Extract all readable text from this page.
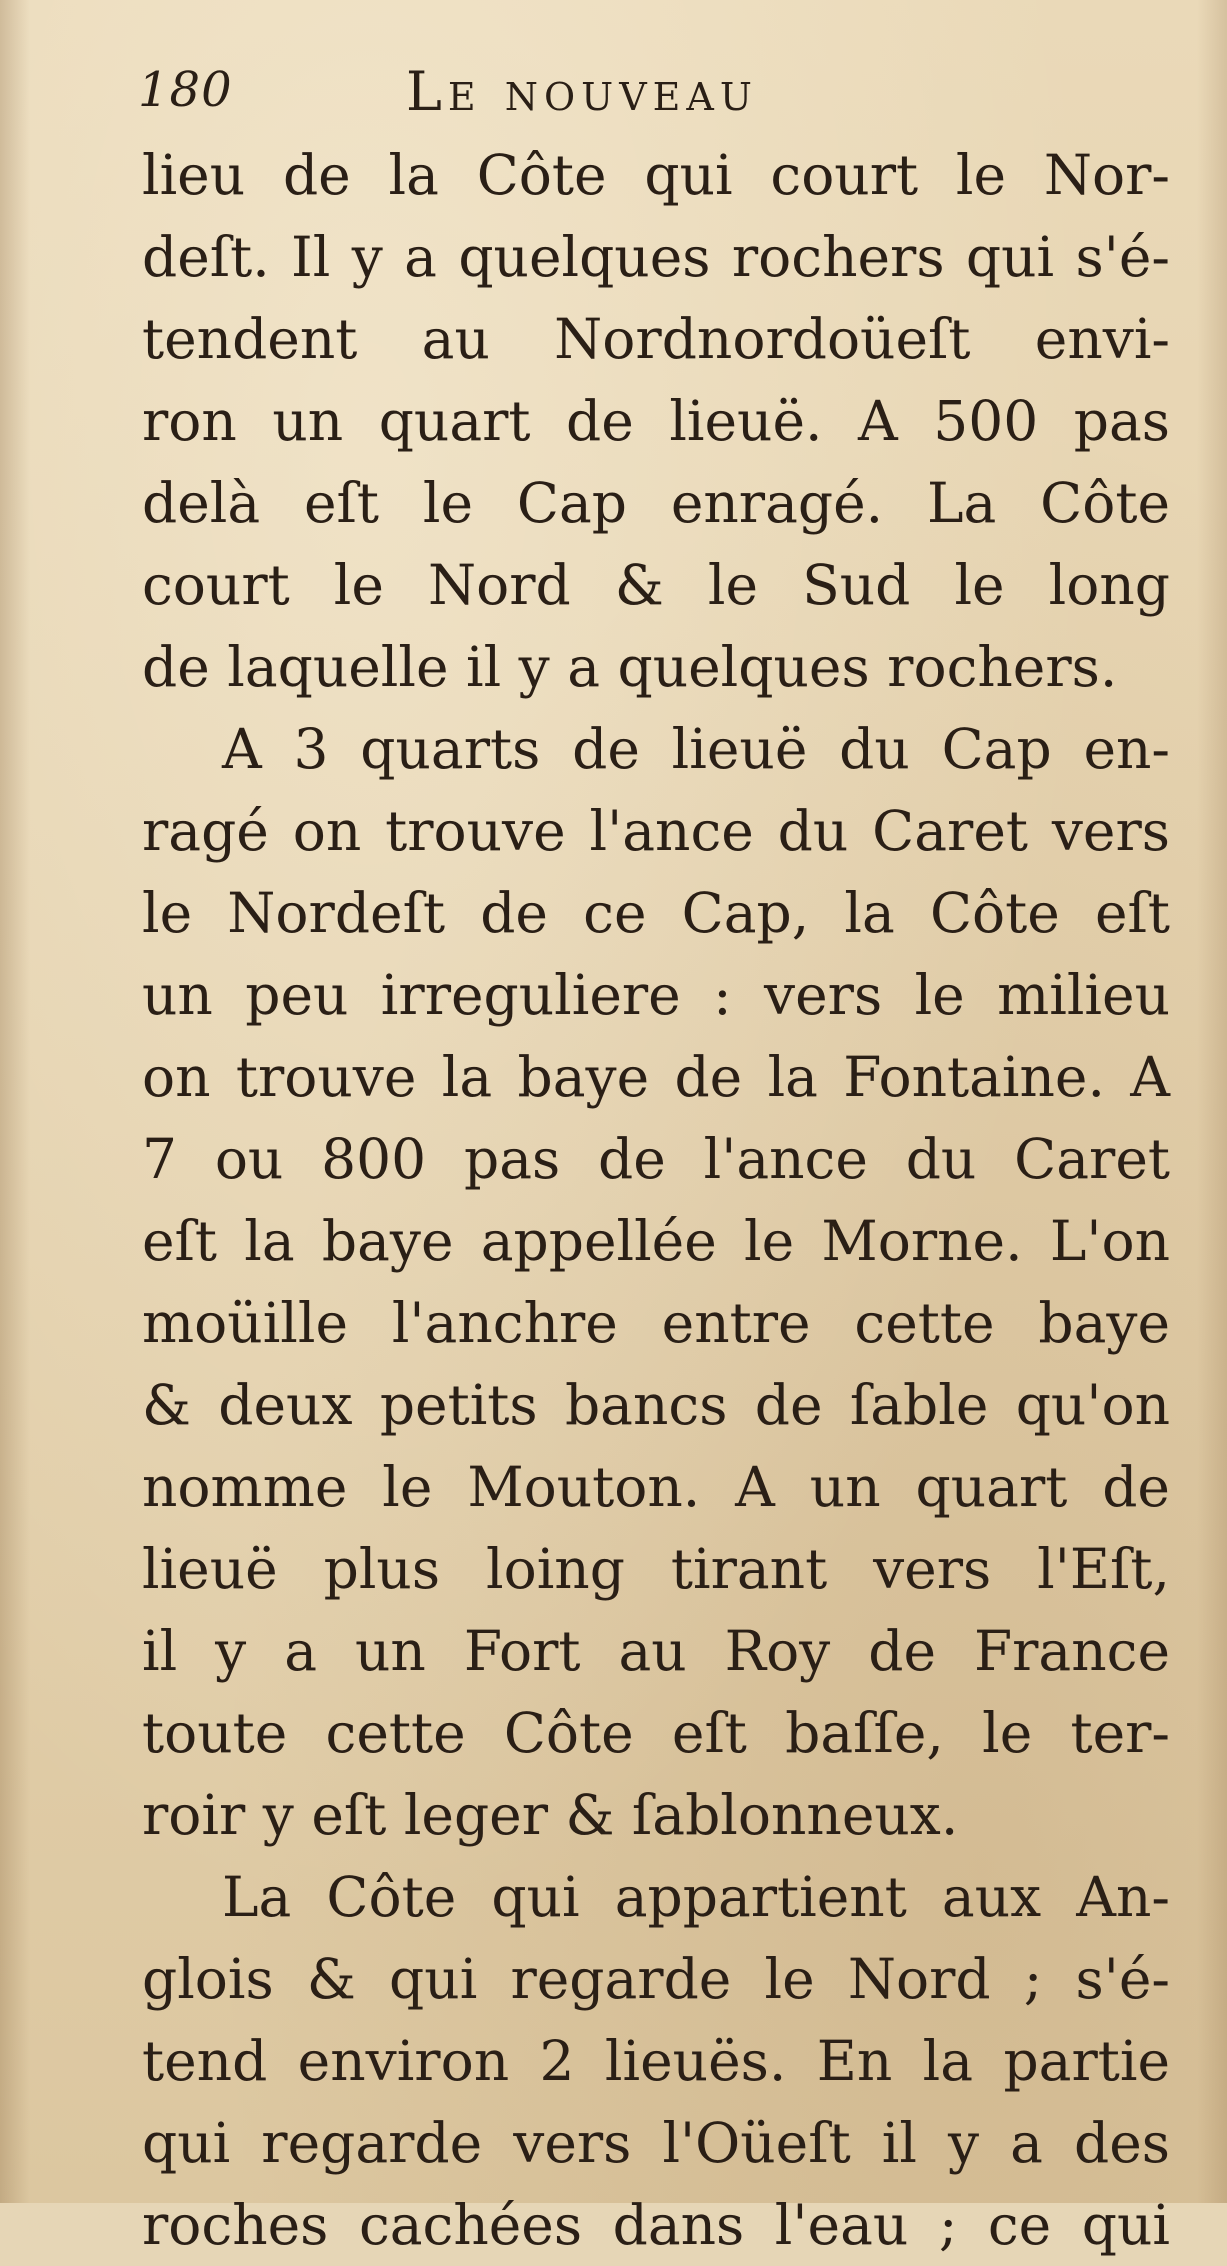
180	Le nouveau
lieu de la Côte qui court le Nor-
deſt. Il y a quelques rochers qui s'é-
tendent au Nordnordoüeſt envi-
ron un quart de lieuë. A 500 pas
delà eſt le Cap enragé. La Côte
court le Nord & le Sud le long
de laquelle il y a quelques rochers.
A 3 quarts de lieuë du Cap en-
ragé on trouve l'ance du Caret vers
le Nordeſt de ce Cap, la Côte eſt
un peu irreguliere : vers le milieu
on trouve la baye de la Fontaine. A
7 ou 800 pas de l'ance du Caret
eſt la baye appellée le Morne. L'on
moüille l'anchre entre cette baye
& deux petits bancs de ſable qu'on
nomme le Mouton. A un quart de
lieuë plus loing tirant vers l'Eſt,
il y a un Fort au Roy de France
toute cette Côte eſt baſſe, le ter-
roir y eſt leger & ſablonneux.
La Côte qui appartient aux An-
glois & qui regarde le Nord ; s'é-
tend environ 2 lieuës. En la partie
qui regarde vers l'Oüeſt il y a des
roches cachées dans l'eau ; ce qui
